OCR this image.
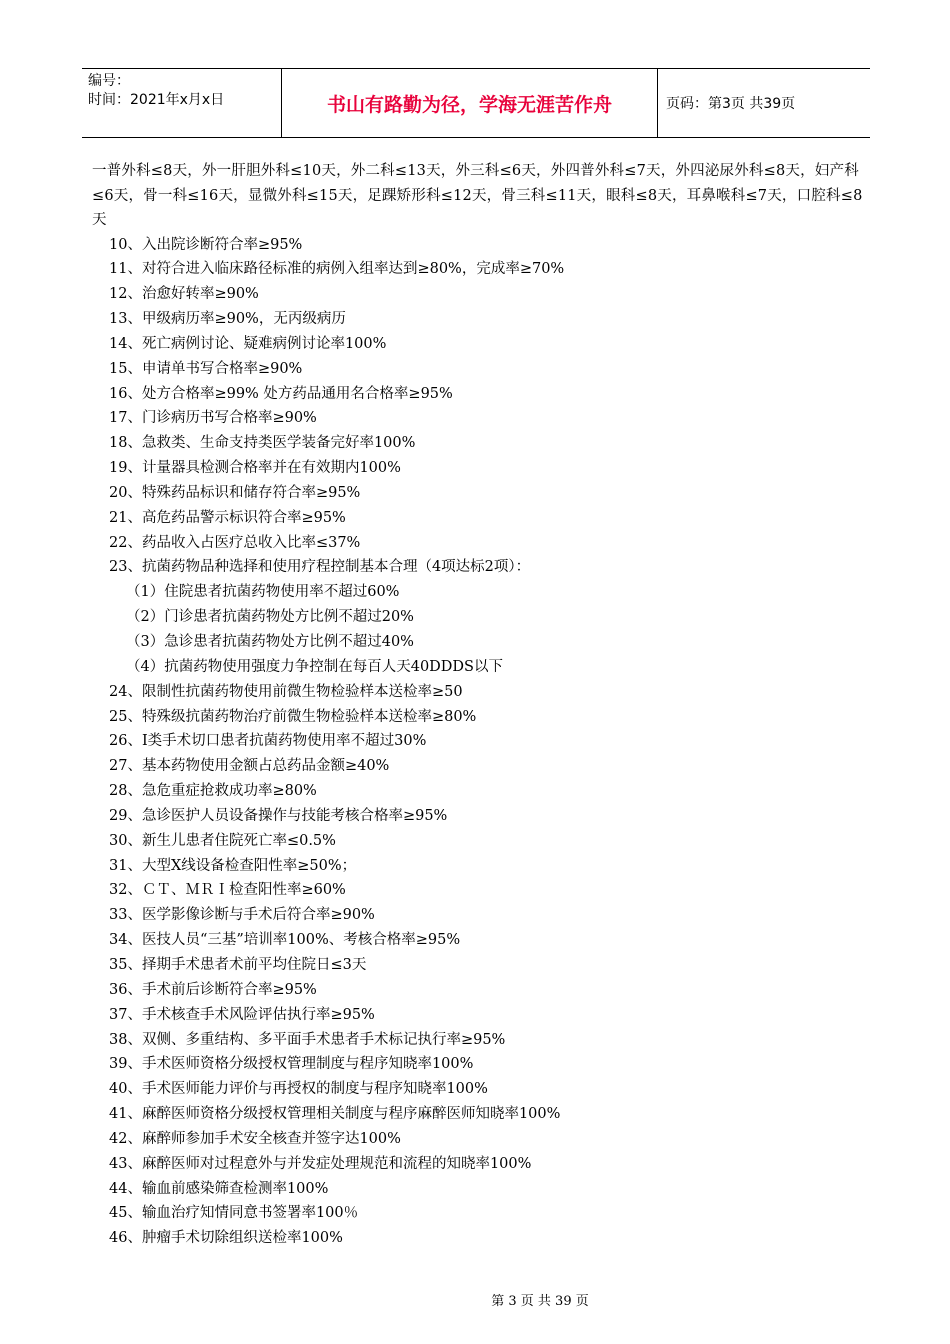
编号：
时间：2021年x月x日	书山有路勤为径，学海无涯苦作舟	页码：第3页 共39页
一普外科≤8天，外一肝胆外科≤10天，外二科≤13天，外三科≤6天，外四普外科≤7天，外四泌尿外科≤8天，妇产科≤6天，骨一科≤16天，显微外科≤15天，足踝矫形科≤12天，骨三科≤11天，眼科≤8天，耳鼻喉科≤7天，口腔科≤8天
10、入出院诊断符合率≥95%
11、对符合进入临床路径标准的病例入组率达到≥80%，完成率≥70%
12、治愈好转率≥90%
13、甲级病历率≥90%，无丙级病历
14、死亡病例讨论、疑难病例讨论率100%
15、申请单书写合格率≥90%
16、处方合格率≥99% 处方药品通用名合格率≥95%
17、门诊病历书写合格率≥90%
18、急救类、生命支持类医学装备完好率100%
19、计量器具检测合格率并在有效期内100%
20、特殊药品标识和储存符合率≥95%
21、高危药品警示标识符合率≥95%
22、药品收入占医疗总收入比率≤37%
23、抗菌药物品种选择和使用疗程控制基本合理（4项达标2项）：
（1）住院患者抗菌药物使用率不超过60%
（2）门诊患者抗菌药物处方比例不超过20%
（3）急诊患者抗菌药物处方比例不超过40%
（4）抗菌药物使用强度力争控制在每百人天40DDDS以下
24、限制性抗菌药物使用前微生物检验样本送检率≥50
25、特殊级抗菌药物治疗前微生物检验样本送检率≥80%
26、I类手术切口患者抗菌药物使用率不超过30%
27、基本药物使用金额占总药品金额≥40%
28、急危重症抢救成功率≥80%
29、急诊医护人员设备操作与技能考核合格率≥95%
30、新生儿患者住院死亡率≤0.5%
31、大型X线设备检查阳性率≥50%；
32、ＣＴ、ＭＲＩ检查阳性率≥60%
33、医学影像诊断与手术后符合率≥90%
34、医技人员“三基”培训率100%、考核合格率≥95%
35、择期手术患者术前平均住院日≤3天
36、手术前后诊断符合率≥95%
37、手术核查手术风险评估执行率≥95%
38、双侧、多重结构、多平面手术患者手术标记执行率≥95%
39、手术医师资格分级授权管理制度与程序知晓率100%
40、手术医师能力评价与再授权的制度与程序知晓率100%
41、麻醉医师资格分级授权管理相关制度与程序麻醉医师知晓率100%
42、麻醉师参加手术安全核查并签字达100%
43、麻醉医师对过程意外与并发症处理规范和流程的知晓率100%
44、输血前感染筛查检测率100%
45、输血治疗知情同意书签署率100％
46、肿瘤手术切除组织送检率100%
第 3 页 共 39 页
